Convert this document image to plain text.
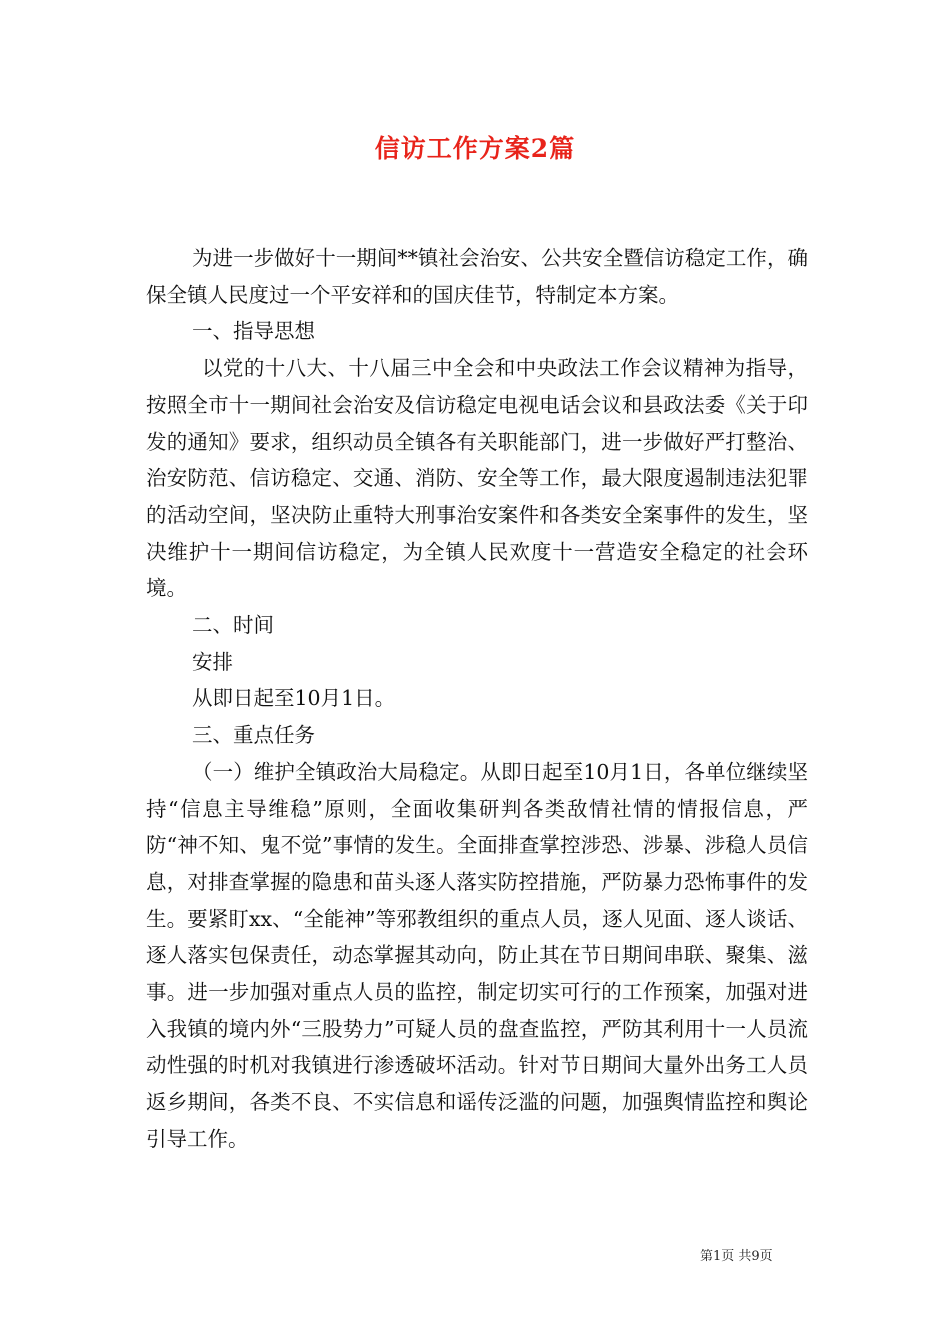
信访工作方案2篇

为进一步做好十一期间**镇社会治安、公共安全暨信访稳定工作，确保全镇人民度过一个平安祥和的国庆佳节，特制定本方案。

一、指导思想

以党的十八大、十八届三中全会和中央政法工作会议精神为指导，按照全市十一期间社会治安及信访稳定电视电话会议和县政法委《关于印发的通知》要求，组织动员全镇各有关职能部门，进一步做好严打整治、治安防范、信访稳定、交通、消防、安全等工作，最大限度遏制违法犯罪的活动空间，坚决防止重特大刑事治安案件和各类安全案事件的发生，坚决维护十一期间信访稳定，为全镇人民欢度十一营造安全稳定的社会环境。

二、时间

安排

从即日起至10月1日。

三、重点任务

（一）维护全镇政治大局稳定。从即日起至10月1日，各单位继续坚持“信息主导维稳”原则，全面收集研判各类敌情社情的情报信息，严防“神不知、鬼不觉”事情的发生。全面排查掌控涉恐、涉暴、涉稳人员信息，对排查掌握的隐患和苗头逐人落实防控措施，严防暴力恐怖事件的发生。要紧盯xx、“全能神”等邪教组织的重点人员，逐人见面、逐人谈话、逐人落实包保责任，动态掌握其动向，防止其在节日期间串联、聚集、滋事。进一步加强对重点人员的监控，制定切实可行的工作预案，加强对进入我镇的境内外“三股势力”可疑人员的盘查监控，严防其利用十一人员流动性强的时机对我镇进行渗透破坏活动。针对节日期间大量外出务工人员返乡期间，各类不良、不实信息和谣传泛滥的问题，加强舆情监控和舆论引导工作。

第1页 共9页
